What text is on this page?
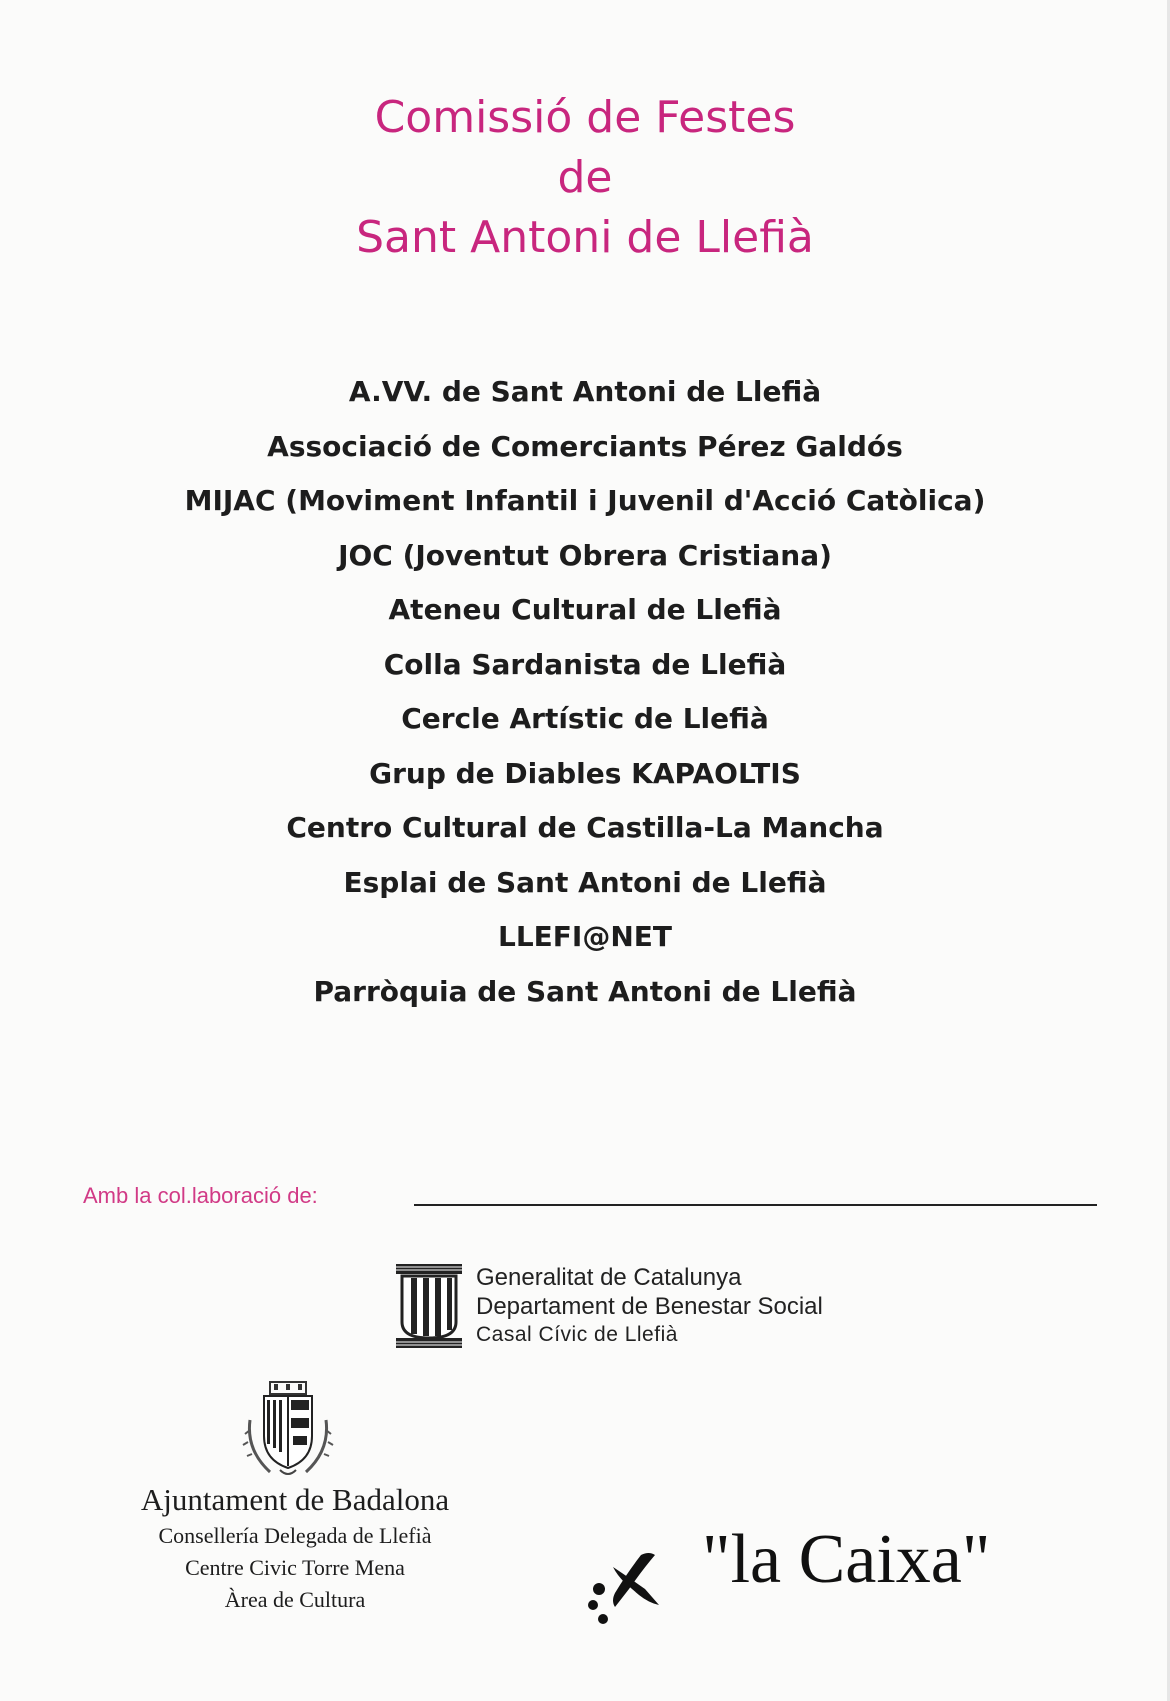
Comissió de Festes
de
Sant Antoni de Llefià
A.VV. de Sant Antoni de Llefià
Associació de Comerciants Pérez Galdós
MIJAC (Moviment Infantil i Juvenil d'Acció Catòlica)
JOC (Joventut Obrera Cristiana)
Ateneu Cultural de Llefià
Colla Sardanista de Llefià
Cercle Artístic de Llefià
Grup de Diables KAPAOLTIS
Centro Cultural de Castilla-La Mancha
Esplai de Sant Antoni de Llefià
LLEFI@NET
Parròquia de Sant Antoni de Llefià
Amb la col.laboració de:
Generalitat de Catalunya
Departament de Benestar Social
Casal Cívic de Llefià
Ajuntament de Badalona
Consellería Delegada de Llefià
Centre Civic Torre Mena
Àrea de Cultura
"la Caixa"
